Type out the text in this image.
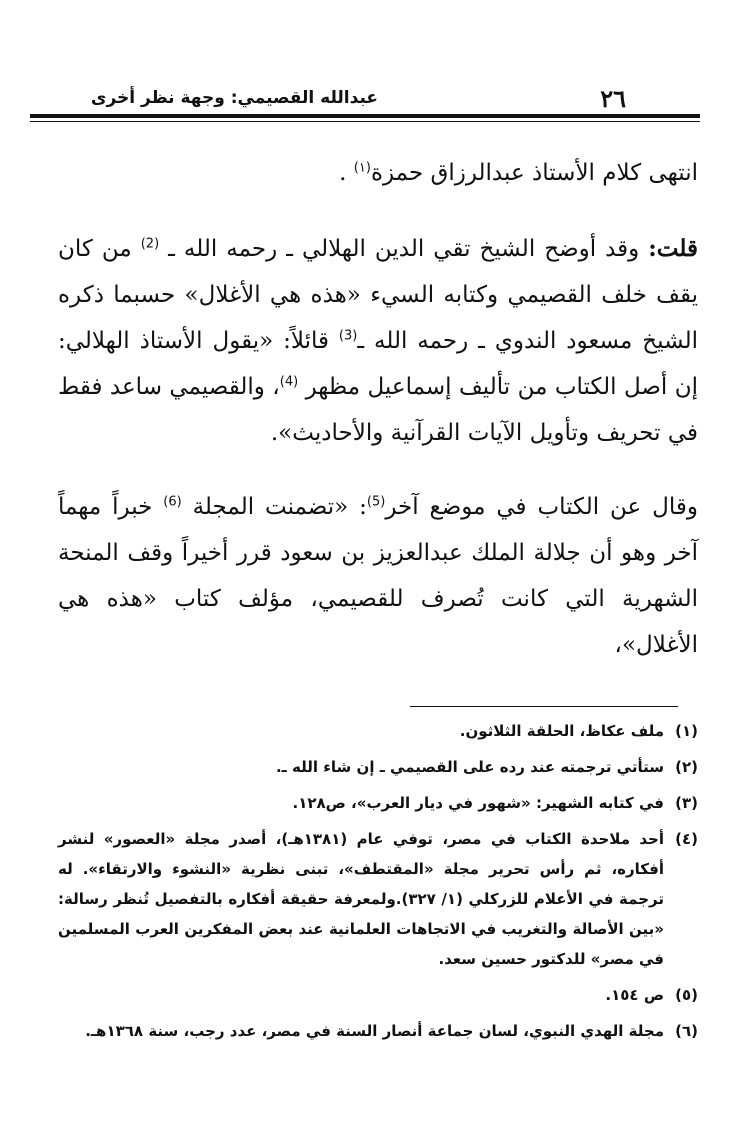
عبدالله القصيمي: وجهة نظر أخرى	٢٦

انتهى كلام الأستاذ عبدالرزاق حمزة$^{(١)}$ .

قلت: وقد أوضح الشيخ تقي الدين الهلالي ـ رحمه الله ـ $^{(2)}$ من كان يقف خلف القصيمي وكتابه السيء «هذه هي الأغلال» حسبما ذكره الشيخ مسعود الندوي ـ رحمه الله ـ$^{(3)}$ قائلاً: «يقول الأستاذ الهلالي: إن أصل الكتاب من تأليف إسماعيل مظهر $^{(4)}$، والقصيمي ساعد فقط في تحريف وتأويل الآيات القرآنية والأحاديث».

وقال عن الكتاب في موضع آخر$^{(5)}$: «تضمنت المجلة $^{(6)}$ خبراً مهماً آخر وهو أن جلالة الملك عبدالعزيز بن سعود قرر أخيراً وقف المنحة الشهرية التي كانت تُصرف للقصيمي، مؤلف كتاب «هذه هي الأغلال»،

(١)
ملف عكاظ، الحلقة الثلاثون.
(٢)
ستأتي ترجمته عند رده على القصيمي ـ إن شاء الله ـ.
(٣)
في كتابه الشهير: «شهور في ديار العرب»، ص١٢٨.
(٤)
أحد ملاحدة الكتاب في مصر، توفي عام (١٣٨١هـ)، أصدر مجلة «العصور» لنشر أفكاره، ثم رأس تحرير مجلة «المقتطف»، تبنى نظرية «النشوء والارتقاء». له ترجمة في الأعلام للزركلي (١/ ٣٢٧).ولمعرفة حقيقة أفكاره بالتفصيل تُنظر رسالة: «بين الأصالة والتغريب في الاتجاهات العلمانية عند بعض المفكرين العرب المسلمين في مصر» للدكتور حسين سعد.
(٥)
ص ١٥٤.
(٦)
مجلة الهدي النبوي، لسان جماعة أنصار السنة في مصر، عدد رجب، سنة ١٣٦٨هـ.
